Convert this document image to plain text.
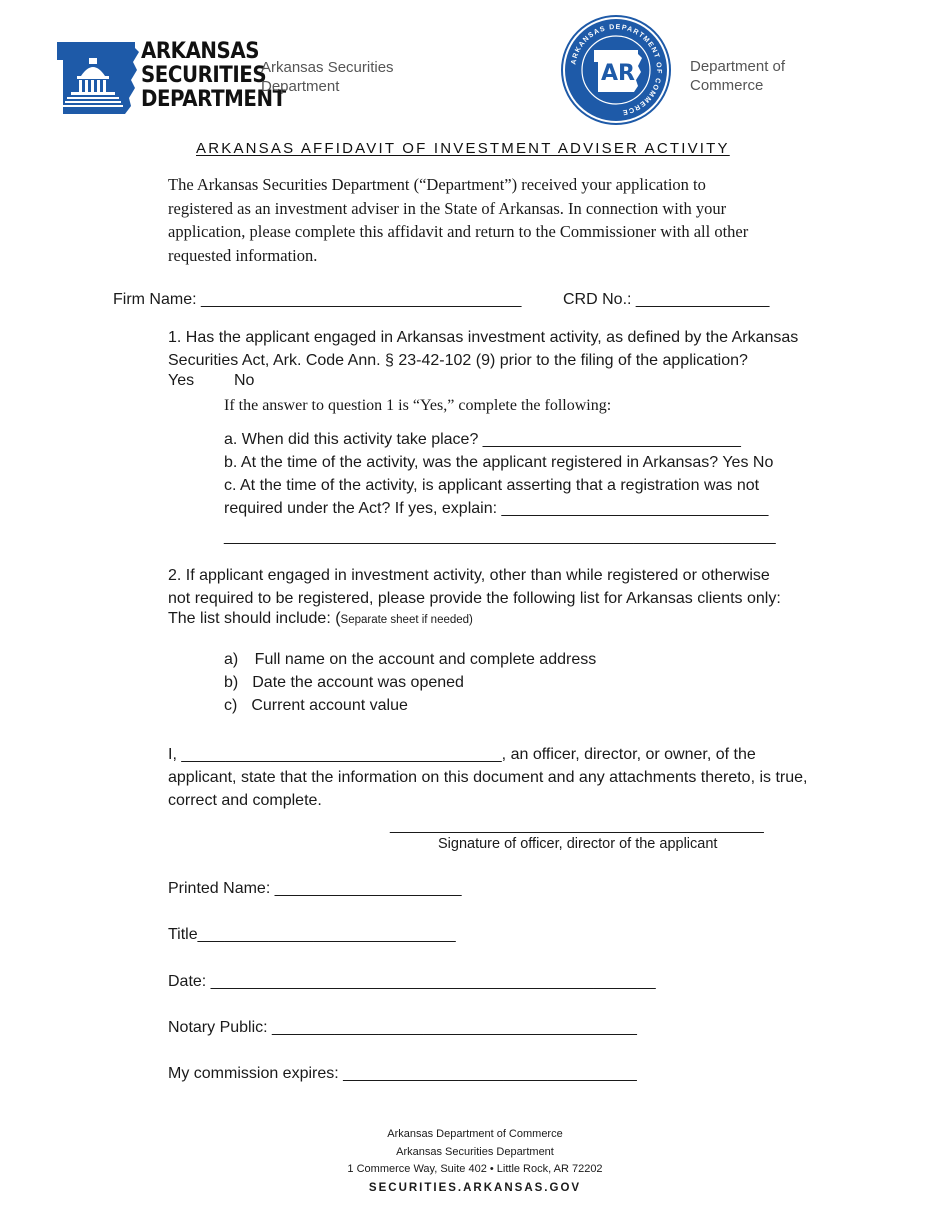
ARKANSAS
SECURITIES
DEPARTMENT
Arkansas Securities
Department
ARKANSAS DEPARTMENT OF COMMERCE
AR	Department of
Commerce
ARKANSAS AFFIDAVIT OF INVESTMENT ADVISER ACTIVITY
The Arkansas Securities Department (“Department”) received your application to
registered as an investment adviser in the State of Arkansas. In connection with your
application, please complete this affidavit and return to the Commissioner with all other
requested information.
Firm Name: ____________________________________	CRD No.: _______________
1. Has the applicant engaged in Arkansas investment activity, as defined by the Arkansas
Securities Act, Ark. Code Ann. § 23-42-102 (9) prior to the filing of the application?
Yes No
If the answer to question 1 is “Yes,” complete the following:
a. When did this activity take place? _____________________________
b. At the time of the activity, was the applicant registered in Arkansas? Yes No
c. At the time of the activity, is applicant asserting that a registration was not
required under the Act? If yes, explain: ______________________________
______________________________________________________________
2. If applicant engaged in investment activity, other than while registered or otherwise
not required to be registered, please provide the following list for Arkansas clients only:
The list should include: (Separate sheet if needed)
a) Full name on the account and complete address
b) Date the account was opened
c) Current account value
I, ____________________________________, an officer, director, or owner, of the
applicant, state that the information on this document and any attachments thereto, is true,
correct and complete.
__________________________________________
Signature of officer, director of the applicant
Printed Name: _____________________
Title_____________________________
Date: __________________________________________________
Notary Public: _________________________________________
My commission expires: _________________________________
Arkansas Department of Commerce
Arkansas Securities Department
1 Commerce Way, Suite 402 • Little Rock, AR 72202
SECURITIES.ARKANSAS.GOV
